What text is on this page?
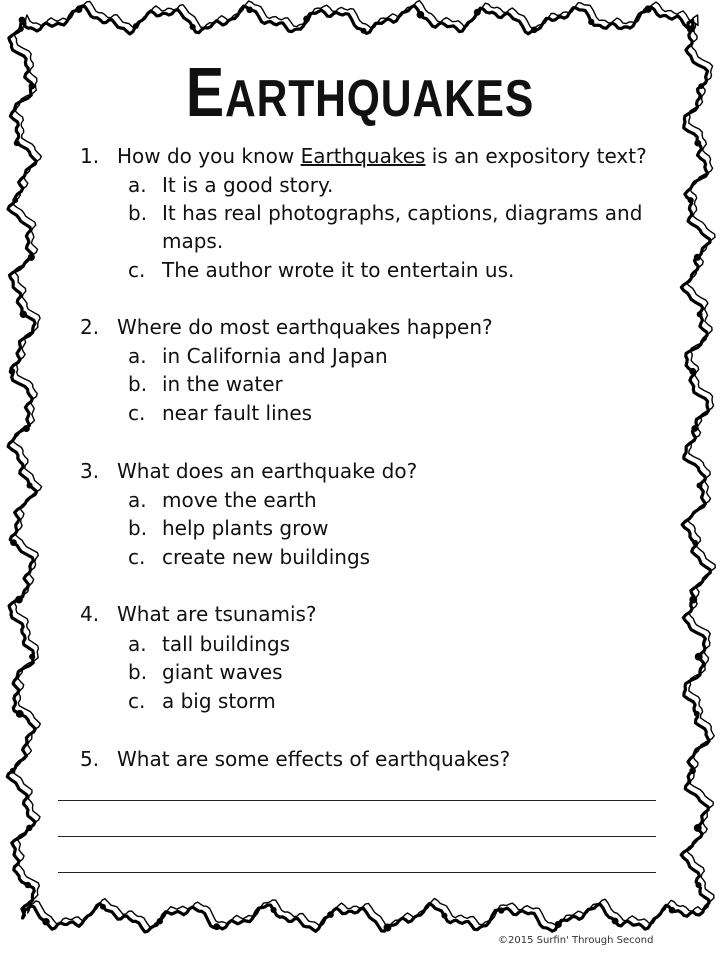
EARTHQUAKES
1. How do you know Earthquakes is an expository text?
a. It is a good story.
b. It has real photographs, captions, diagrams and
maps.
c. The author wrote it to entertain us.
2. Where do most earthquakes happen?
a. in California and Japan
b. in the water
c. near fault lines
3. What does an earthquake do?
a. move the earth
b. help plants grow
c. create new buildings
4. What are tsunamis?
a. tall buildings
b. giant waves
c. a big storm
5. What are some effects of earthquakes?
©2015 Surfin' Through Second
